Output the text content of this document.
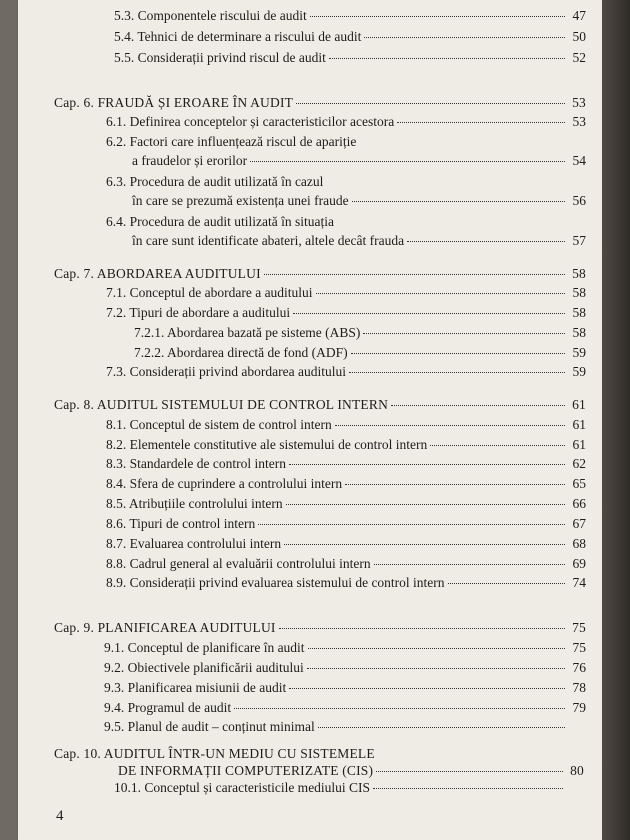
5.3. Componentele riscului de audit	47
5.4. Tehnici de determinare a riscului de audit	50
5.5. Considerații privind riscul de audit	52
Cap. 6. FRAUDĂ ȘI EROARE ÎN AUDIT	53
6.1. Definirea conceptelor și caracteristicilor acestora	53
6.2. Factori care influențează riscul de apariție
a fraudelor și erorilor	54
6.3. Procedura de audit utilizată în cazul
în care se prezumă existența unei fraude	56
6.4. Procedura de audit utilizată în situația
în care sunt identificate abateri, altele decât frauda	57
Cap. 7. ABORDAREA AUDITULUI	58
7.1. Conceptul de abordare a auditului	58
7.2. Tipuri de abordare a auditului	58
7.2.1. Abordarea bazată pe sisteme (ABS)	58
7.2.2. Abordarea directă de fond (ADF)	59
7.3. Considerații privind abordarea auditului	59
Cap. 8. AUDITUL SISTEMULUI DE CONTROL INTERN	61
8.1. Conceptul de sistem de control intern	61
8.2. Elementele constitutive ale sistemului de control intern	61
8.3. Standardele de control intern	62
8.4. Sfera de cuprindere a controlului intern	65
8.5. Atribuțiile controlului intern	66
8.6. Tipuri de control intern	67
8.7. Evaluarea controlului intern	68
8.8. Cadrul general al evaluării controlului intern	69
8.9. Considerații privind evaluarea sistemului de control intern	74
Cap. 9. PLANIFICAREA AUDITULUI	75
9.1. Conceptul de planificare în audit	75
9.2. Obiectivele planificării auditului	76
9.3. Planificarea misiunii de audit	78
9.4. Programul de audit	79
9.5. Planul de audit – conținut minimal
Cap. 10. AUDITUL ÎNTR-UN MEDIU CU SISTEMELE
DE INFORMAȚII COMPUTERIZATE (CIS)	80
10.1. Conceptul și caracteristicile mediului CIS
4
